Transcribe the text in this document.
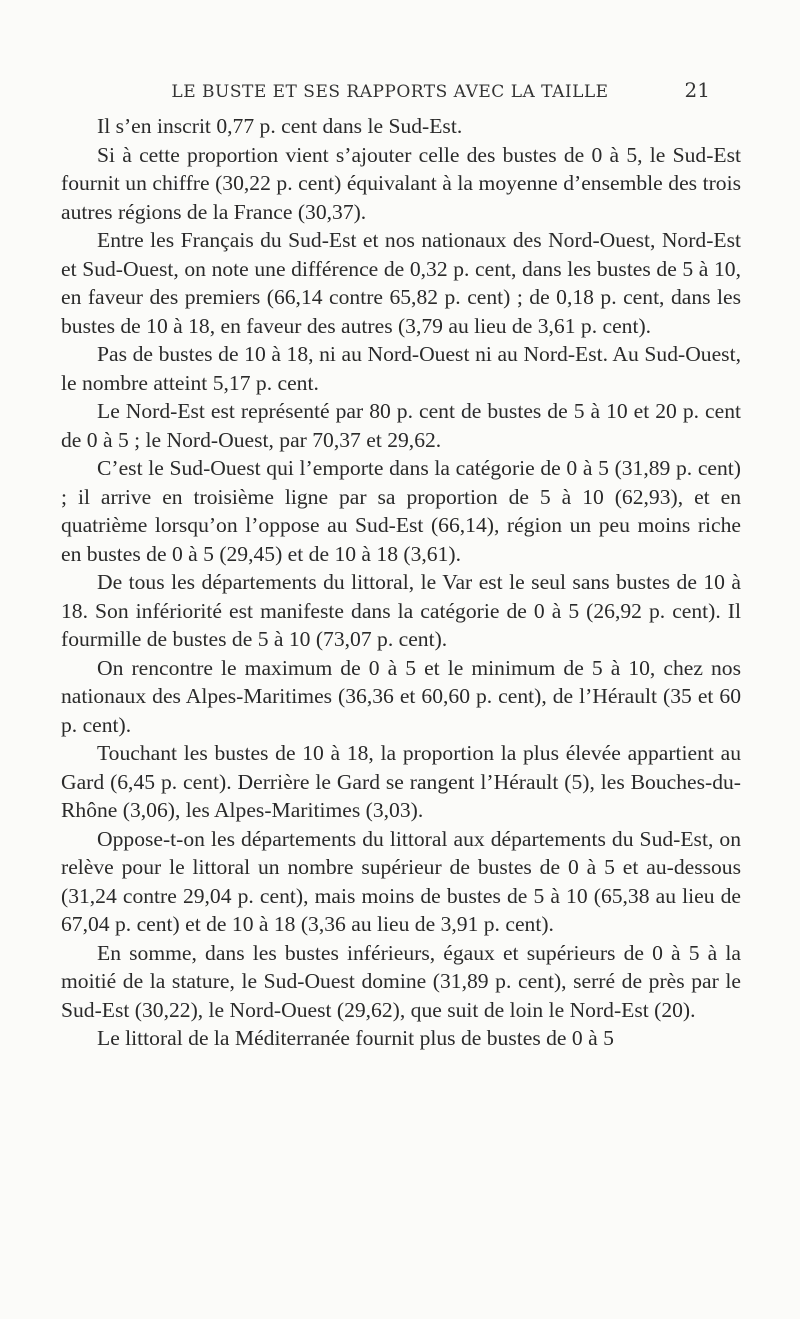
LE BUSTE ET SES RAPPORTS AVEC LA TAILLE	21

Il s’en inscrit 0,77 p. cent dans le Sud-Est.

Si à cette proportion vient s’ajouter celle des bustes de 0 à 5, le Sud-Est fournit un chiffre (30,22 p. cent) équivalant à la moyenne d’ensemble des trois autres régions de la France (30,37).

Entre les Français du Sud-Est et nos nationaux des Nord-Ouest, Nord-Est et Sud-Ouest, on note une différence de 0,32 p. cent, dans les bustes de 5 à 10, en faveur des premiers (66,14 contre 65,82 p. cent) ; de 0,18 p. cent, dans les bustes de 10 à 18, en faveur des autres (3,79 au lieu de 3,61 p. cent).

Pas de bustes de 10 à 18, ni au Nord-Ouest ni au Nord-Est. Au Sud-Ouest, le nombre atteint 5,17 p. cent.

Le Nord-Est est représenté par 80 p. cent de bustes de 5 à 10 et 20 p. cent de 0 à 5 ; le Nord-Ouest, par 70,37 et 29,62.

C’est le Sud-Ouest qui l’emporte dans la catégorie de 0 à 5 (31,89 p. cent) ; il arrive en troisième ligne par sa proportion de 5 à 10 (62,93), et en quatrième lorsqu’on l’oppose au Sud-Est (66,14), région un peu moins riche en bustes de 0 à 5 (29,45) et de 10 à 18 (3,61).

De tous les départements du littoral, le Var est le seul sans bustes de 10 à 18. Son infériorité est manifeste dans la catégorie de 0 à 5 (26,92 p. cent). Il fourmille de bustes de 5 à 10 (73,07 p. cent).

On rencontre le maximum de 0 à 5 et le minimum de 5 à 10, chez nos nationaux des Alpes-Maritimes (36,36 et 60,60 p. cent), de l’Hérault (35 et 60 p. cent).

Touchant les bustes de 10 à 18, la proportion la plus élevée appartient au Gard (6,45 p. cent). Derrière le Gard se rangent l’Hérault (5), les Bouches-du-Rhône (3,06), les Alpes-Maritimes (3,03).

Oppose-t-on les départements du littoral aux départements du Sud-Est, on relève pour le littoral un nombre supérieur de bustes de 0 à 5 et au-dessous (31,24 contre 29,04 p. cent), mais moins de bustes de 5 à 10 (65,38 au lieu de 67,04 p. cent) et de 10 à 18 (3,36 au lieu de 3,91 p. cent).

En somme, dans les bustes inférieurs, égaux et supérieurs de 0 à 5 à la moitié de la stature, le Sud-Ouest domine (31,89 p. cent), serré de près par le Sud-Est (30,22), le Nord-Ouest (29,62), que suit de loin le Nord-Est (20).

Le littoral de la Méditerranée fournit plus de bustes de 0 à 5
